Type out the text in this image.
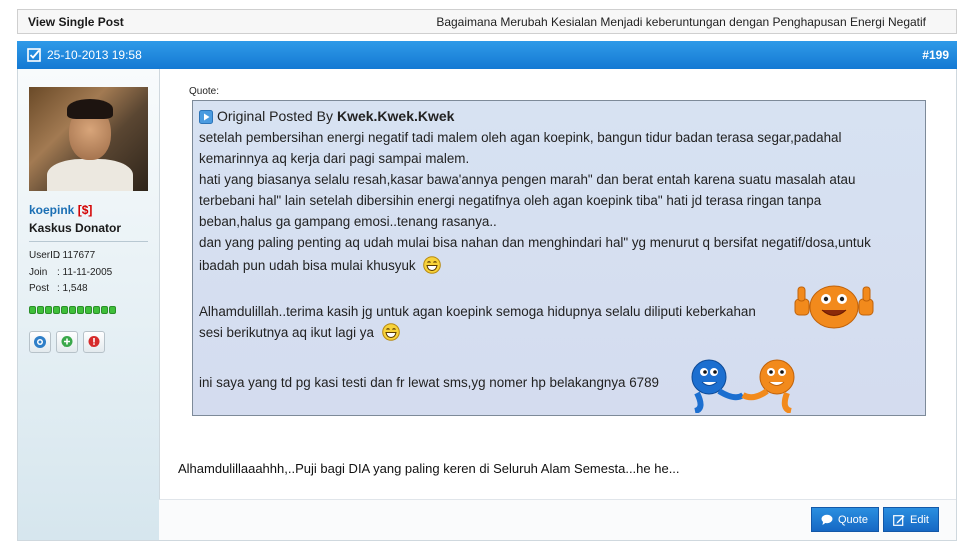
View Single Post	Bagaimana Merubah Kesialan Menjadi keberuntungan dengan Penghapusan Energi Negatif
25-10-2013 19:58	#199
koepink [$]
Kaskus Donator
UserID
: 117677
Join : 11-11-2005
Post : 1,548
Quote:
Original Posted By Kwek.Kwek.Kwek
setelah pembersihan energi negatif tadi malem oleh agan koepink, bangun tidur badan terasa segar,padahal
kemarinnya aq kerja dari pagi sampai malem.
hati yang biasanya selalu resah,kasar bawa'annya pengen marah" dan berat entah karena suatu masalah atau
terbebani hal" lain setelah dibersihin energi negatifnya oleh agan koepink tiba" hati jd terasa ringan tanpa
beban,halus ga gampang emosi..tenang rasanya..
dan yang paling penting aq udah mulai bisa nahan dan menghindari hal" yg menurut q bersifat negatif/dosa,untuk
ibadah pun udah bisa mulai khusyuk
Alhamdulillah..terima kasih jg untuk agan koepink semoga hidupnya selalu diliputi keberkahan
sesi berikutnya aq ikut lagi ya
ini saya yang td pg kasi testi dan fr lewat sms,yg nomer hp belakangnya 6789
Alhamdulillaaahhh,..Puji bagi DIA yang paling keren di Seluruh Alam Semesta...he he...
Quote	Edit
